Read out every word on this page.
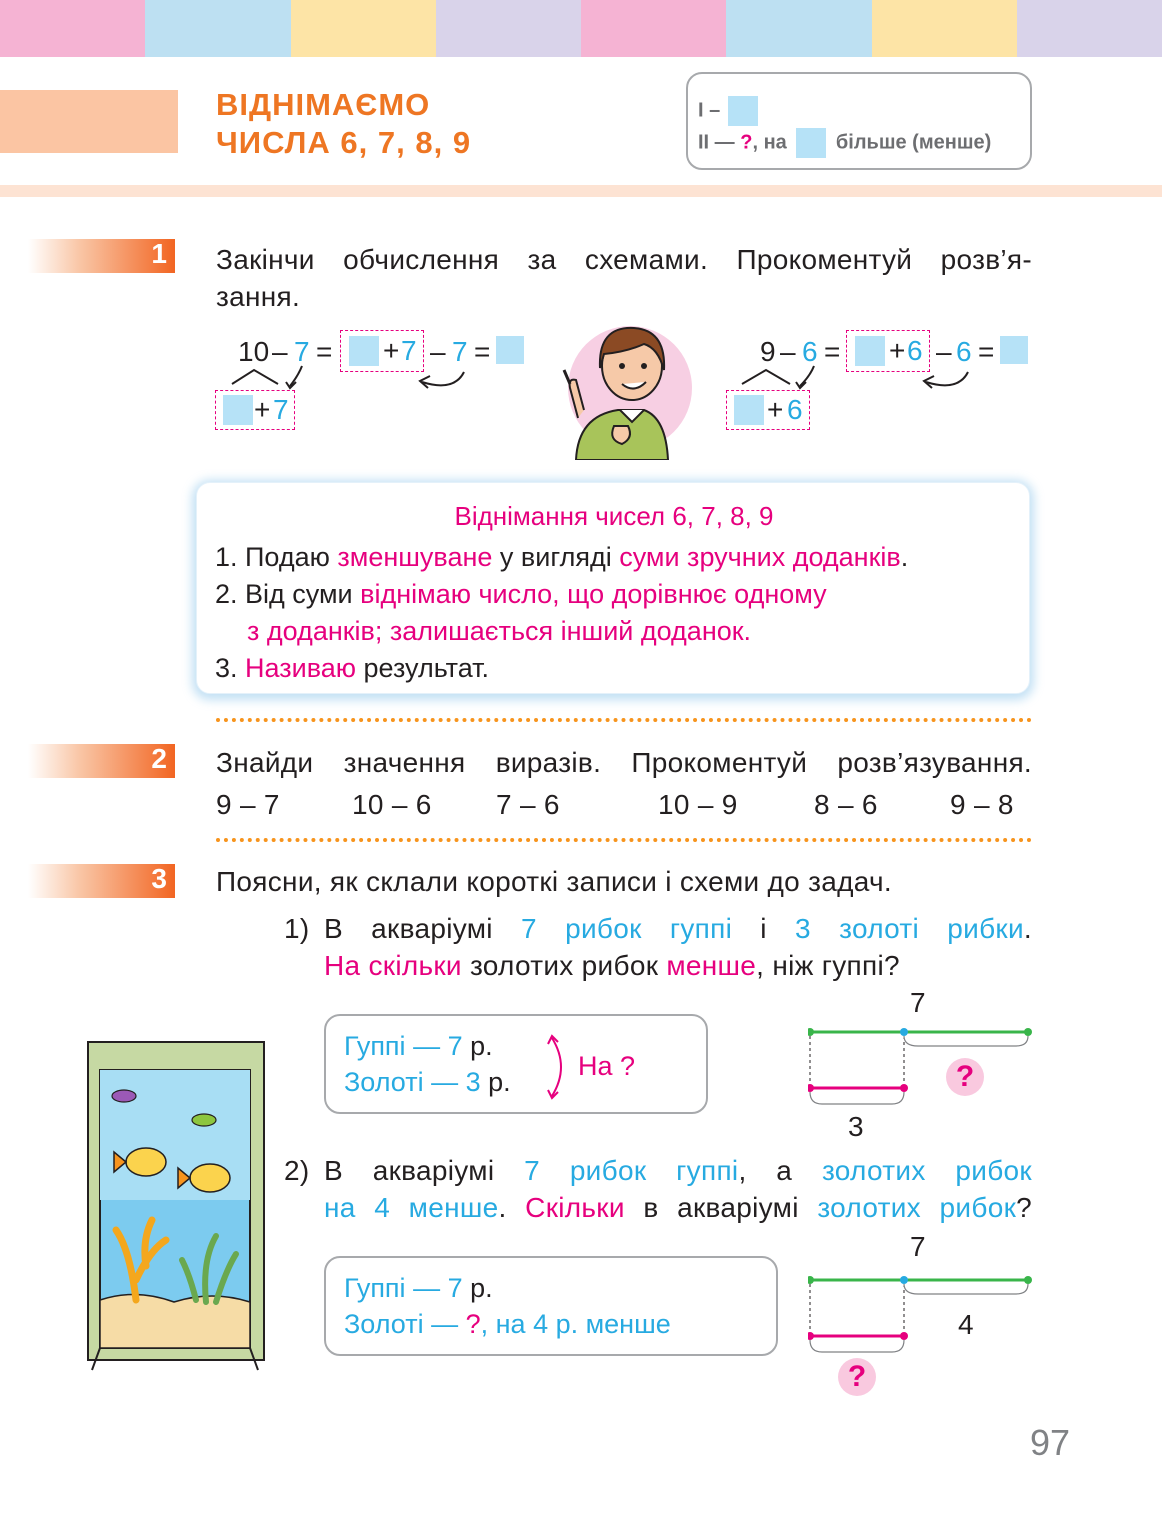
ВІДНІМАЄМО
ЧИСЛА 6, 7, 8, 9
І –
ІІ — ?, на більше (менше)
1 Закінчи обчислення за схемами. Прокоментуй розв’я-
зання.
10 – 7 = + 7 – 7 =
+ 7
9 – 6 = + 6 – 6 =
+ 6
Віднімання чисел 6, 7, 8, 9
1. Подаю зменшуване у вигляді суми зручних доданків.
2. Від суми віднімаю число, що дорівнює одному
з доданків; залишається інший доданок.
3. Називаю результат.
2 Знайди значення виразів. Прокоментуй розв’язування.
9 – 7	10 – 6 7 – 6	10 – 9	8 – 6	9 – 8
3 Поясни, як склали короткі записи і схеми до задач.
1) В акваріумі 7 рибок гуппі і 3 золоті рибки.
На скільки золотих рибок менше, ніж гуппі?
Гуппі — 7 р.
Золоті — 3 р.
На ?
7
?
3
2) В акваріумі 7 рибок гуппі, а золотих рибок
на 4 менше. Скільки в акваріумі золотих рибок?
Гуппі — 7 р.
Золоті — ?, на 4 р. менше
7
4
?
97
